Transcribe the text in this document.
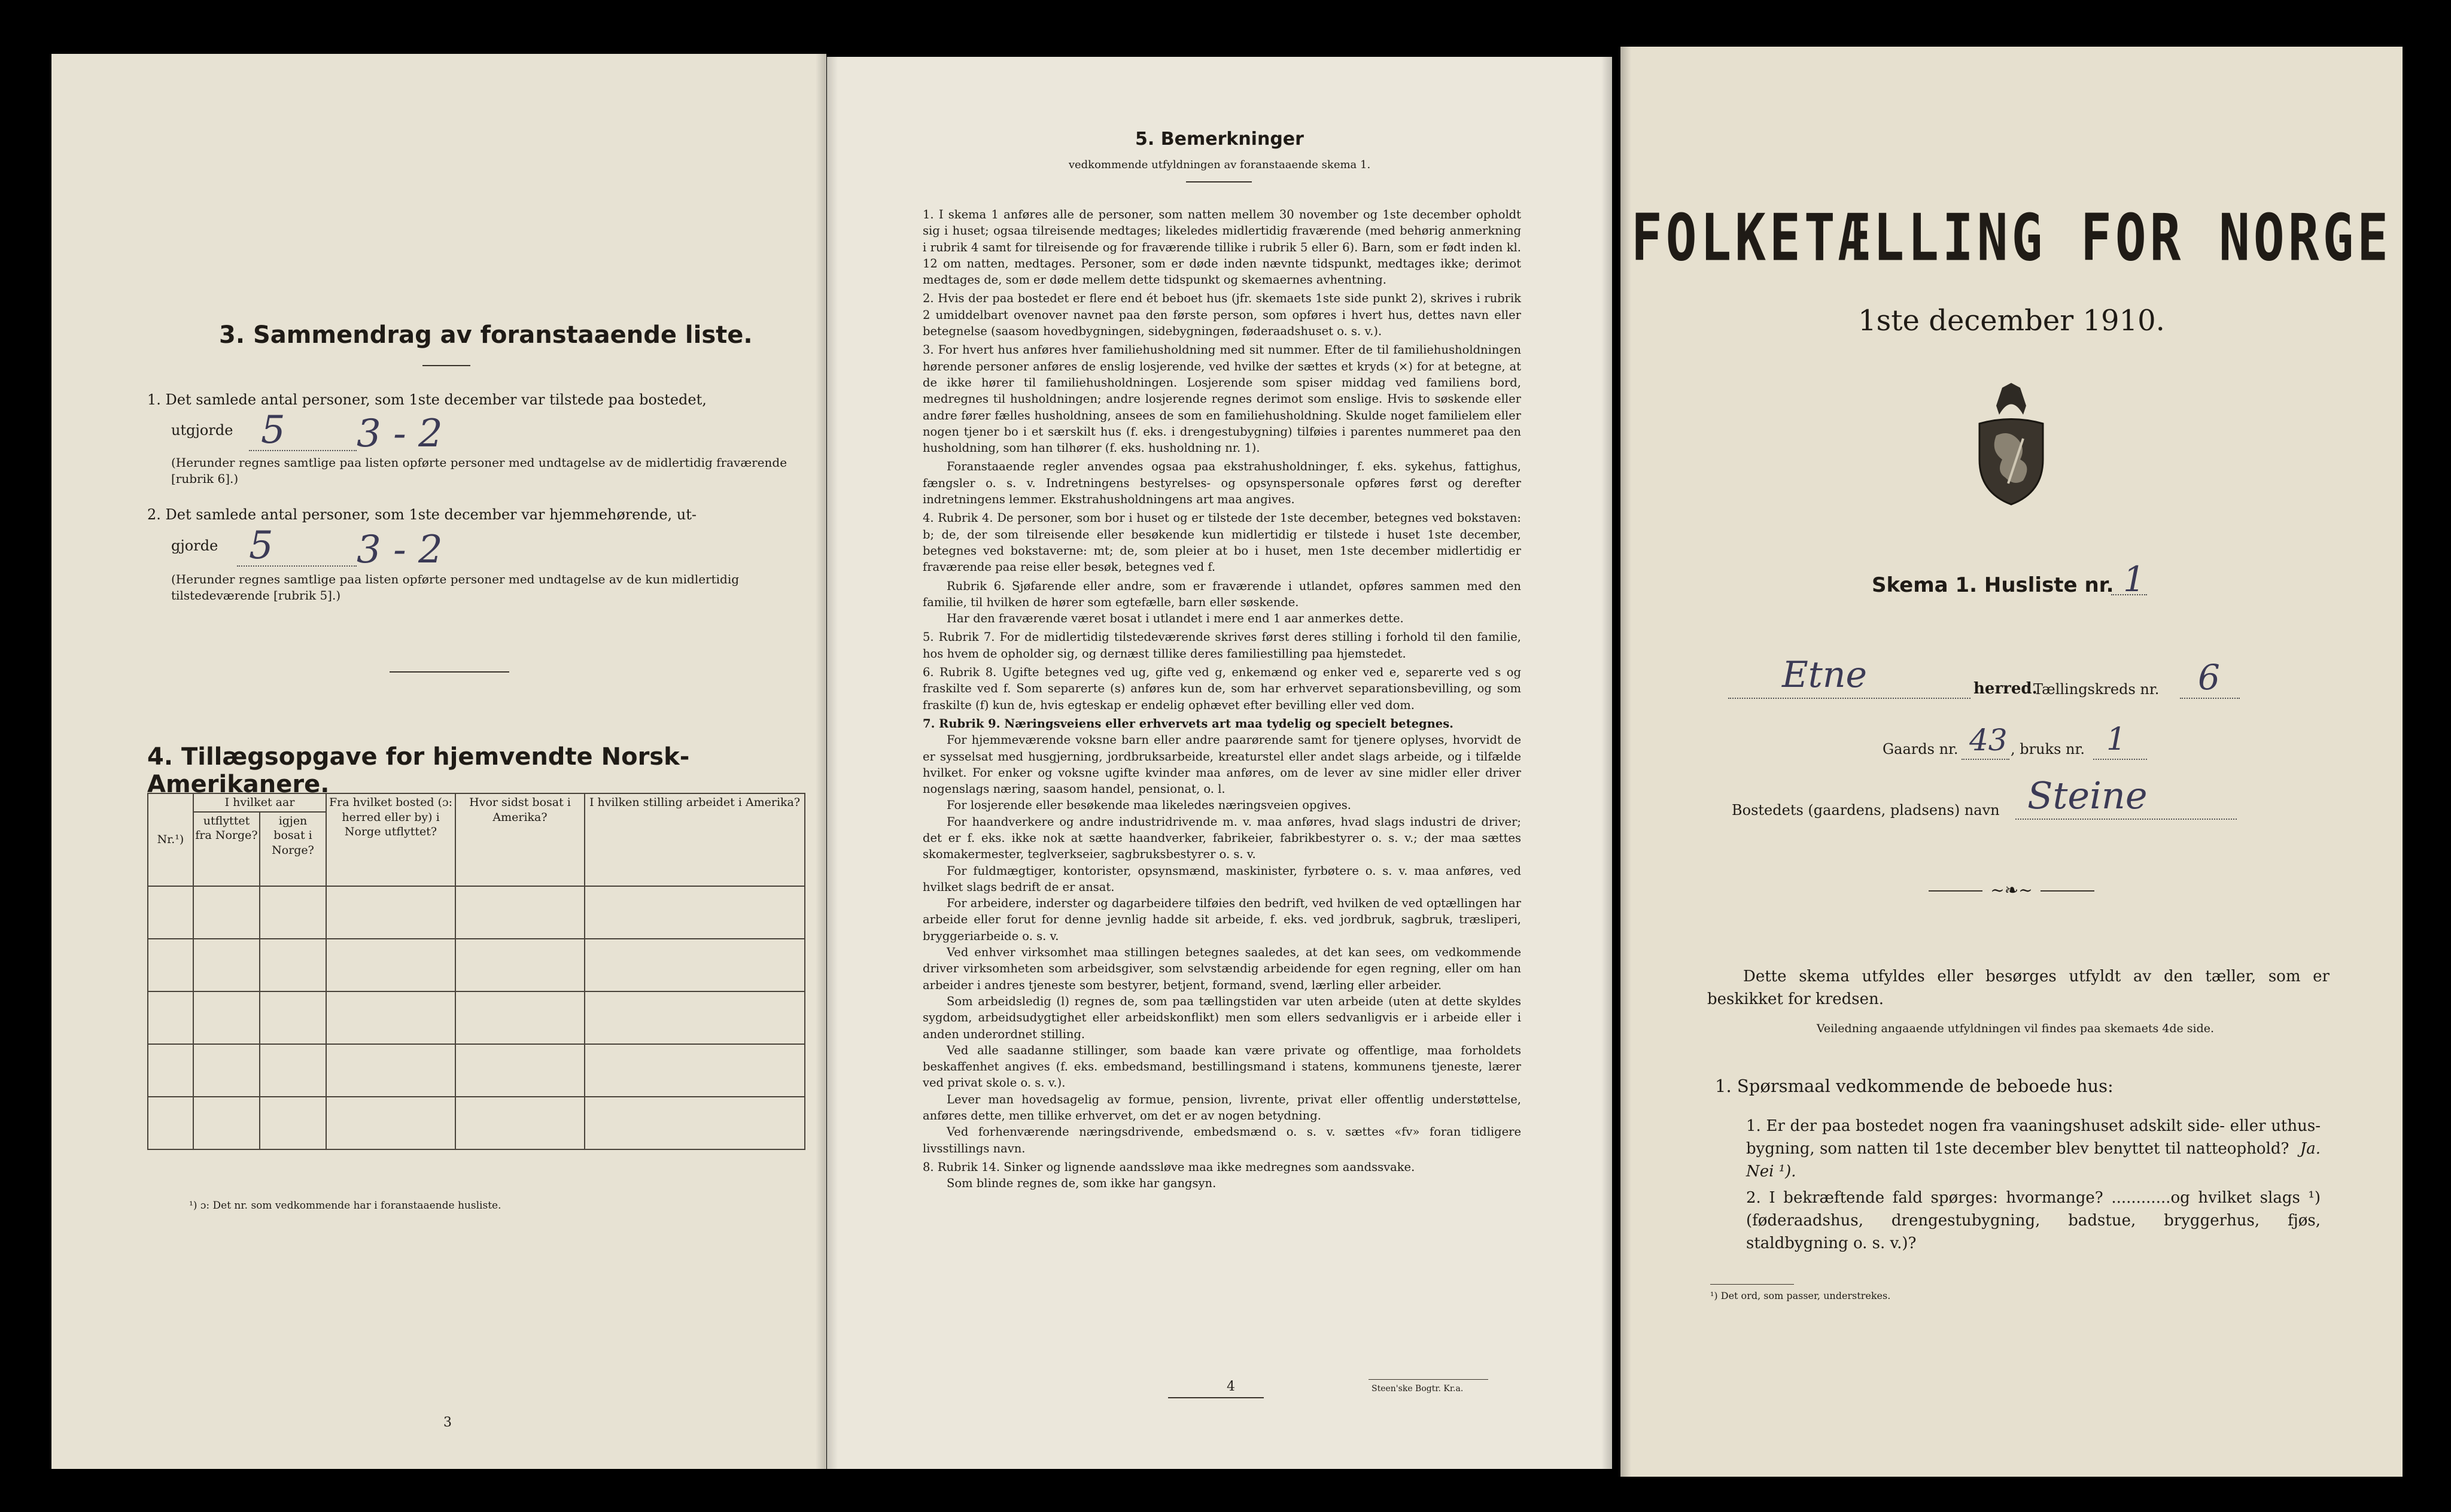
3. Sammendrag av foranstaaende liste.
1. Det samlede antal personer, som 1ste december var tilstede paa bostedet,
utgjorde 5 3 - 2
(Herunder regnes samtlige paa listen opførte personer med undtagelse av de midlertidig fraværende [rubrik 6].)
2. Det samlede antal personer, som 1ste december var hjemmehørende, ut-
gjorde 5 3 - 2
(Herunder regnes samtlige paa listen opførte personer med undtagelse av de kun midlertidig tilstedeværende [rubrik 5].)
4. Tillægsopgave for hjemvendte Norsk-Amerikanere.
Nr.¹)	I hvilket aar		Fra hvilket bosted (ɔ: herred eller by) i Norge utflyttet?	Hvor sidst bosat i Amerika?	I hvilken stilling arbeidet i Amerika?
	utflyttet fra Norge?	igjen bosat i Norge?			

¹) ɔ: Det nr. som vedkommende har i foranstaaende husliste.
3
5. Bemerkninger
vedkommende utfyldningen av foranstaaende skema 1.

1. I skema 1 anføres alle de personer, som natten mellem 30 november og 1ste december opholdt sig i huset; ogsaa tilreisende medtages; likeledes midlertidig fraværende (med behørig anmerkning i rubrik 4 samt for tilreisende og for fraværende tillike i rubrik 5 eller 6). Barn, som er født inden kl. 12 om natten, medtages. Personer, som er døde inden nævnte tidspunkt, medtages ikke; derimot medtages de, som er døde mellem dette tidspunkt og skemaernes avhentning.

2. Hvis der paa bostedet er flere end ét beboet hus (jfr. skemaets 1ste side punkt 2), skrives i rubrik 2 umiddelbart ovenover navnet paa den første person, som opføres i hvert hus, dettes navn eller betegnelse (saasom hovedbygningen, sidebygningen, føderaadshuset o. s. v.).

3. For hvert hus anføres hver familiehusholdning med sit nummer. Efter de til familiehusholdningen hørende personer anføres de enslig losjerende, ved hvilke der sættes et kryds (×) for at betegne, at de ikke hører til familiehusholdningen. Losjerende som spiser middag ved familiens bord, medregnes til husholdningen; andre losjerende regnes derimot som enslige. Hvis to søskende eller andre fører fælles husholdning, ansees de som en familiehusholdning. Skulde noget familielem eller nogen tjener bo i et særskilt hus (f. eks. i drengestubygning) tilføies i parentes nummeret paa den husholdning, som han tilhører (f. eks. husholdning nr. 1).

Foranstaaende regler anvendes ogsaa paa ekstrahusholdninger, f. eks. sykehus, fattighus, fængsler o. s. v. Indretningens bestyrelses- og opsynspersonale opføres først og derefter indretningens lemmer. Ekstrahusholdningens art maa angives.

4. Rubrik 4. De personer, som bor i huset og er tilstede der 1ste december, betegnes ved bokstaven: b; de, der som tilreisende eller besøkende kun midlertidig er tilstede i huset 1ste december, betegnes ved bokstaverne: mt; de, som pleier at bo i huset, men 1ste december midlertidig er fraværende paa reise eller besøk, betegnes ved f.

Rubrik 6. Sjøfarende eller andre, som er fraværende i utlandet, opføres sammen med den familie, til hvilken de hører som egtefælle, barn eller søskende.

Har den fraværende været bosat i utlandet i mere end 1 aar anmerkes dette.

5. Rubrik 7. For de midlertidig tilstedeværende skrives først deres stilling i forhold til den familie, hos hvem de opholder sig, og dernæst tillike deres familiestilling paa hjemstedet.

6. Rubrik 8. Ugifte betegnes ved ug, gifte ved g, enkemænd og enker ved e, separerte ved s og fraskilte ved f. Som separerte (s) anføres kun de, som har erhvervet separationsbevilling, og som fraskilte (f) kun de, hvis egteskap er endelig ophævet efter bevilling eller ved dom.

7. Rubrik 9. Næringsveiens eller erhvervets art maa tydelig og specielt betegnes.

For hjemmeværende voksne barn eller andre paarørende samt for tjenere oplyses, hvorvidt de er sysselsat med husgjerning, jordbruksarbeide, kreaturstel eller andet slags arbeide, og i tilfælde hvilket. For enker og voksne ugifte kvinder maa anføres, om de lever av sine midler eller driver nogenslags næring, saasom handel, pensionat, o. l.

For losjerende eller besøkende maa likeledes næringsveien opgives.

For haandverkere og andre industridrivende m. v. maa anføres, hvad slags industri de driver; det er f. eks. ikke nok at sætte haandverker, fabrikeier, fabrikbestyrer o. s. v.; der maa sættes skomakermester, teglverkseier, sagbruksbestyrer o. s. v.

For fuldmægtiger, kontorister, opsynsmænd, maskinister, fyrbøtere o. s. v. maa anføres, ved hvilket slags bedrift de er ansat.

For arbeidere, inderster og dagarbeidere tilføies den bedrift, ved hvilken de ved optællingen har arbeide eller forut for denne jevnlig hadde sit arbeide, f. eks. ved jordbruk, sagbruk, træsliperi, bryggeriarbeide o. s. v.

Ved enhver virksomhet maa stillingen betegnes saaledes, at det kan sees, om vedkommende driver virksomheten som arbeidsgiver, som selvstændig arbeidende for egen regning, eller om han arbeider i andres tjeneste som bestyrer, betjent, formand, svend, lærling eller arbeider.

Som arbeidsledig (l) regnes de, som paa tællingstiden var uten arbeide (uten at dette skyldes sygdom, arbeidsudygtighet eller arbeidskonflikt) men som ellers sedvanligvis er i arbeide eller i anden underordnet stilling.

Ved alle saadanne stillinger, som baade kan være private og offentlige, maa forholdets beskaffenhet angives (f. eks. embedsmand, bestillingsmand i statens, kommunens tjeneste, lærer ved privat skole o. s. v.).

Lever man hovedsagelig av formue, pension, livrente, privat eller offentlig understøttelse, anføres dette, men tillike erhvervet, om det er av nogen betydning.

Ved forhenværende næringsdrivende, embedsmænd o. s. v. sættes «fv» foran tidligere livsstillings navn.

8. Rubrik 14. Sinker og lignende aandssløve maa ikke medregnes som aandssvake.

Som blinde regnes de, som ikke har gangsyn.

4	Steen'ske Bogtr. Kr.a.
FOLKETÆLLING FOR NORGE
1ste december 1910.
Skema 1. Husliste nr. 1
Etne	herred.
Tællingskreds nr. 6
Gaards nr. 43 , bruks nr. 1
Bostedets (gaardens, pladsens) navn Steine
~❧~
Dette skema utfyldes eller besørges utfyldt av den tæller, som er beskikket for kredsen.
Veiledning angaaende utfyldningen vil findes paa skemaets 4de side.
1. Spørsmaal vedkommende de beboede hus:
1. Er der paa bostedet nogen fra vaaningshuset adskilt side- eller uthus-bygning, som natten til 1ste december blev benyttet til natteophold? Ja. Nei ¹).
2. I bekræftende fald spørges: hvormange? ............og hvilket slags ¹) (føderaadshus, drengestubygning, badstue, bryggerhus, fjøs, staldbygning o. s. v.)?
¹) Det ord, som passer, understrekes.
